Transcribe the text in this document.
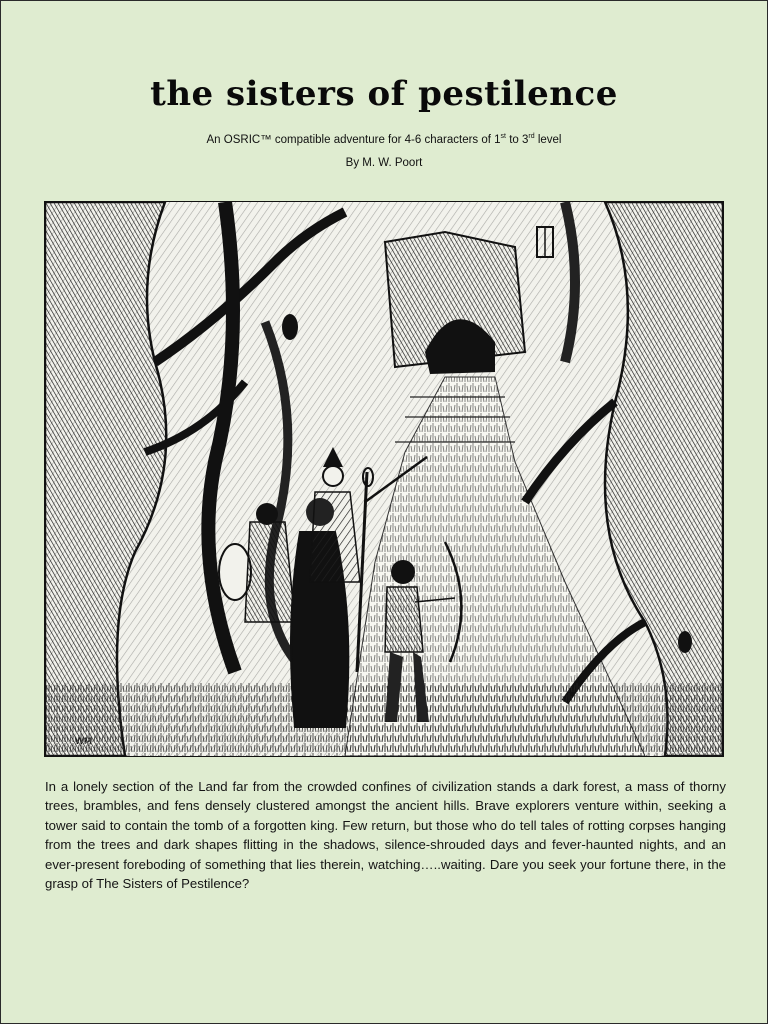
the sisters of pestilence
An OSRIC™ compatible adventure for 4-6 characters of 1st to 3rd level
By M. W. Poort
WM

In a lonely section of the Land far from the crowded confines of civilization stands a dark forest, a mass of thorny trees, brambles, and fens densely clustered amongst the ancient hills. Brave explorers venture within, seeking a tower said to contain the tomb of a forgotten king. Few return, but those who do tell tales of rotting corpses hanging from the trees and dark shapes flitting in the shadows, silence-shrouded days and fever-haunted nights, and an ever-present foreboding of something that lies therein, watching…..waiting. Dare you seek your fortune there, in the grasp of The Sisters of Pestilence?
